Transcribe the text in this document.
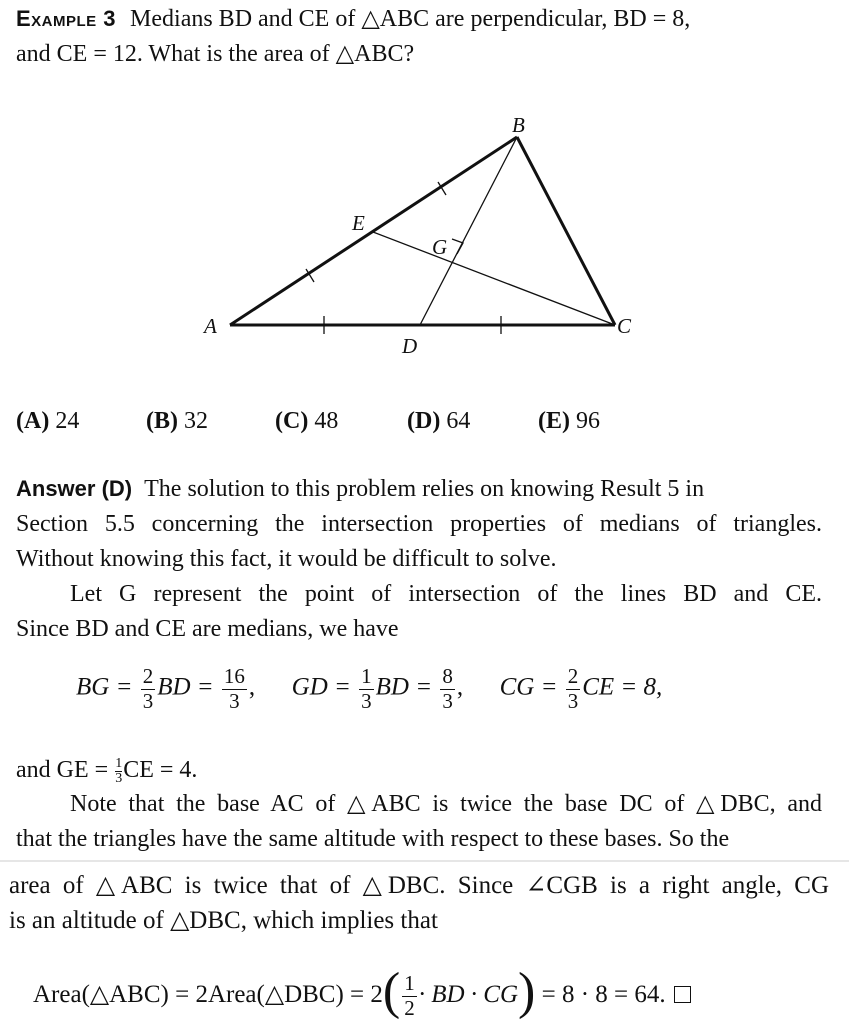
Example 3 Medians BD and CE of △ABC are perpendicular, BD = 8,
and CE = 12. What is the area of △ABC?
A
B
C
D
E
G
(A) 24	(B) 32	(C) 48	(D) 64	(E) 96
Answer (D) The solution to this problem relies on knowing Result 5 in
Section 5.5 concerning the intersection properties of medians of triangles.
Without knowing this fact, it would be difficult to solve.
Let G represent the point of intersection of the lines BD and CE.
Since BD and CE are medians, we have
BG = $\frac{2}{3}$ BD = $\frac{16}{3}$ ,  GD = $\frac{1}{3}$ BD = $\frac{8}{3}$ ,  CG = $\frac{2}{3}$ CE = 8,
and GE = $\frac{1}{3}$ CE = 4.
Note that the base AC of △ABC is twice the base DC of △DBC, and
that the triangles have the same altitude with respect to these bases. So the
area of △ABC is twice that of △DBC. Since ∠CGB is a right angle, CG
is an altitude of △DBC, which implies that
Area(△ABC) = 2Area(△DBC) = $2( \frac{1}{2}$ · BD · CG) = 8 · 8 = 64.
